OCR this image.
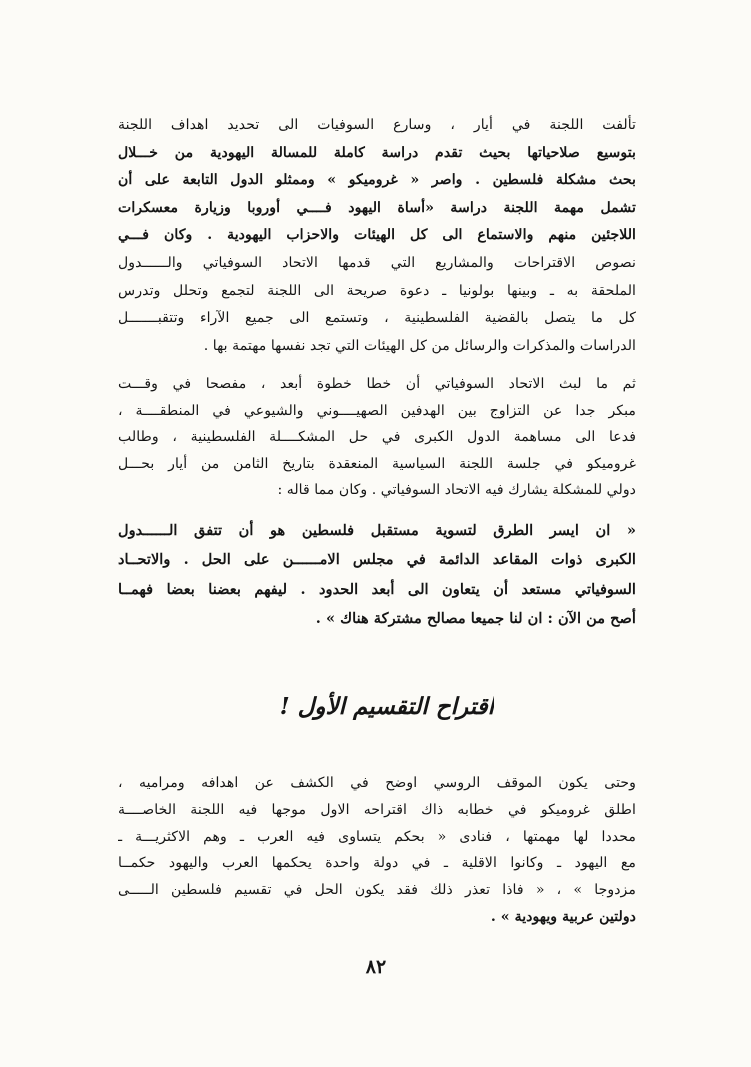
تألفت اللجنة في أيار ، وسارع السوفيات الى تحديد اهداف اللجنة
بتوسيع صلاحياتها بحيث تقدم دراسة كاملة للمسالة اليهودية من خـــلال
بحث مشكلة فلسطين . واصر « غروميكو » وممثلو الدول التابعة على أن
تشمل مهمة اللجنة دراسة «أساة اليهود فــــي أوروبا وزيارة معسكرات
اللاجئين منهم والاستماع الى كل الهيئات والاحزاب اليهودية . وكان فـــي
نصوص الاقتراحات والمشاريع التي قدمها الاتحاد السوفياتي والــــــدول
الملحقة به ـ وبينها بولونيا ـ دعوة صريحة الى اللجنة لتجمع وتحلل وتدرس
كل ما يتصل بالقضية الفلسطينية ، وتستمع الى جميع الآراء وتتقبـــــــل
الدراسات والمذكرات والرسائل من كل الهيئات التي تجد نفسها مهتمة بها .
ثم ما لبث الاتحاد السوفياتي أن خطا خطوة أبعد ، مفصحا في وقـــت
مبكر جدا عن التزاوج بين الهدفين الصهيــــوني والشيوعي في المنطقــــة ،
فدعا الى مساهمة الدول الكبرى في حل المشكــــلة الفلسطينية ، وطالب
غروميكو في جلسة اللجنة السياسية المنعقدة بتاريخ الثامن من أيار بحـــل
دولي للمشكلة يشارك فيه الاتحاد السوفياتي . وكان مما قاله :
« ان ايسر الطرق لتسوية مستقبل فلسطين هو أن تتفق الــــــدول
الكبرى ذوات المقاعد الدائمة في مجلس الامــــــن على الحل . والاتحــاد
السوفياتي مستعد أن يتعاون الى أبعد الحدود . ليفهم بعضنا بعضا فهمــا
أصح من الآن : ان لنا جميعا مصالح مشتركة هناك » .
اقتراح التقسيم الأول !
وحتى يكون الموقف الروسي اوضح في الكشف عن اهدافه ومراميه ،
اطلق غروميكو في خطابه ذاك اقتراحه الاول موجها فيه اللجنة الخاصــــة
محددا لها مهمتها ، فنادى « بحكم يتساوى فيه العرب ـ وهم الاكثريـــة ـ
مع اليهود ـ وكانوا الاقلية ـ في دولة واحدة يحكمها العرب واليهود حكمــا
مزدوجا » ، « فاذا تعذر ذلك فقد يكون الحل في تقسيم فلسطين الـــــى
دولتين عربية ويهودية » .
٨٢
